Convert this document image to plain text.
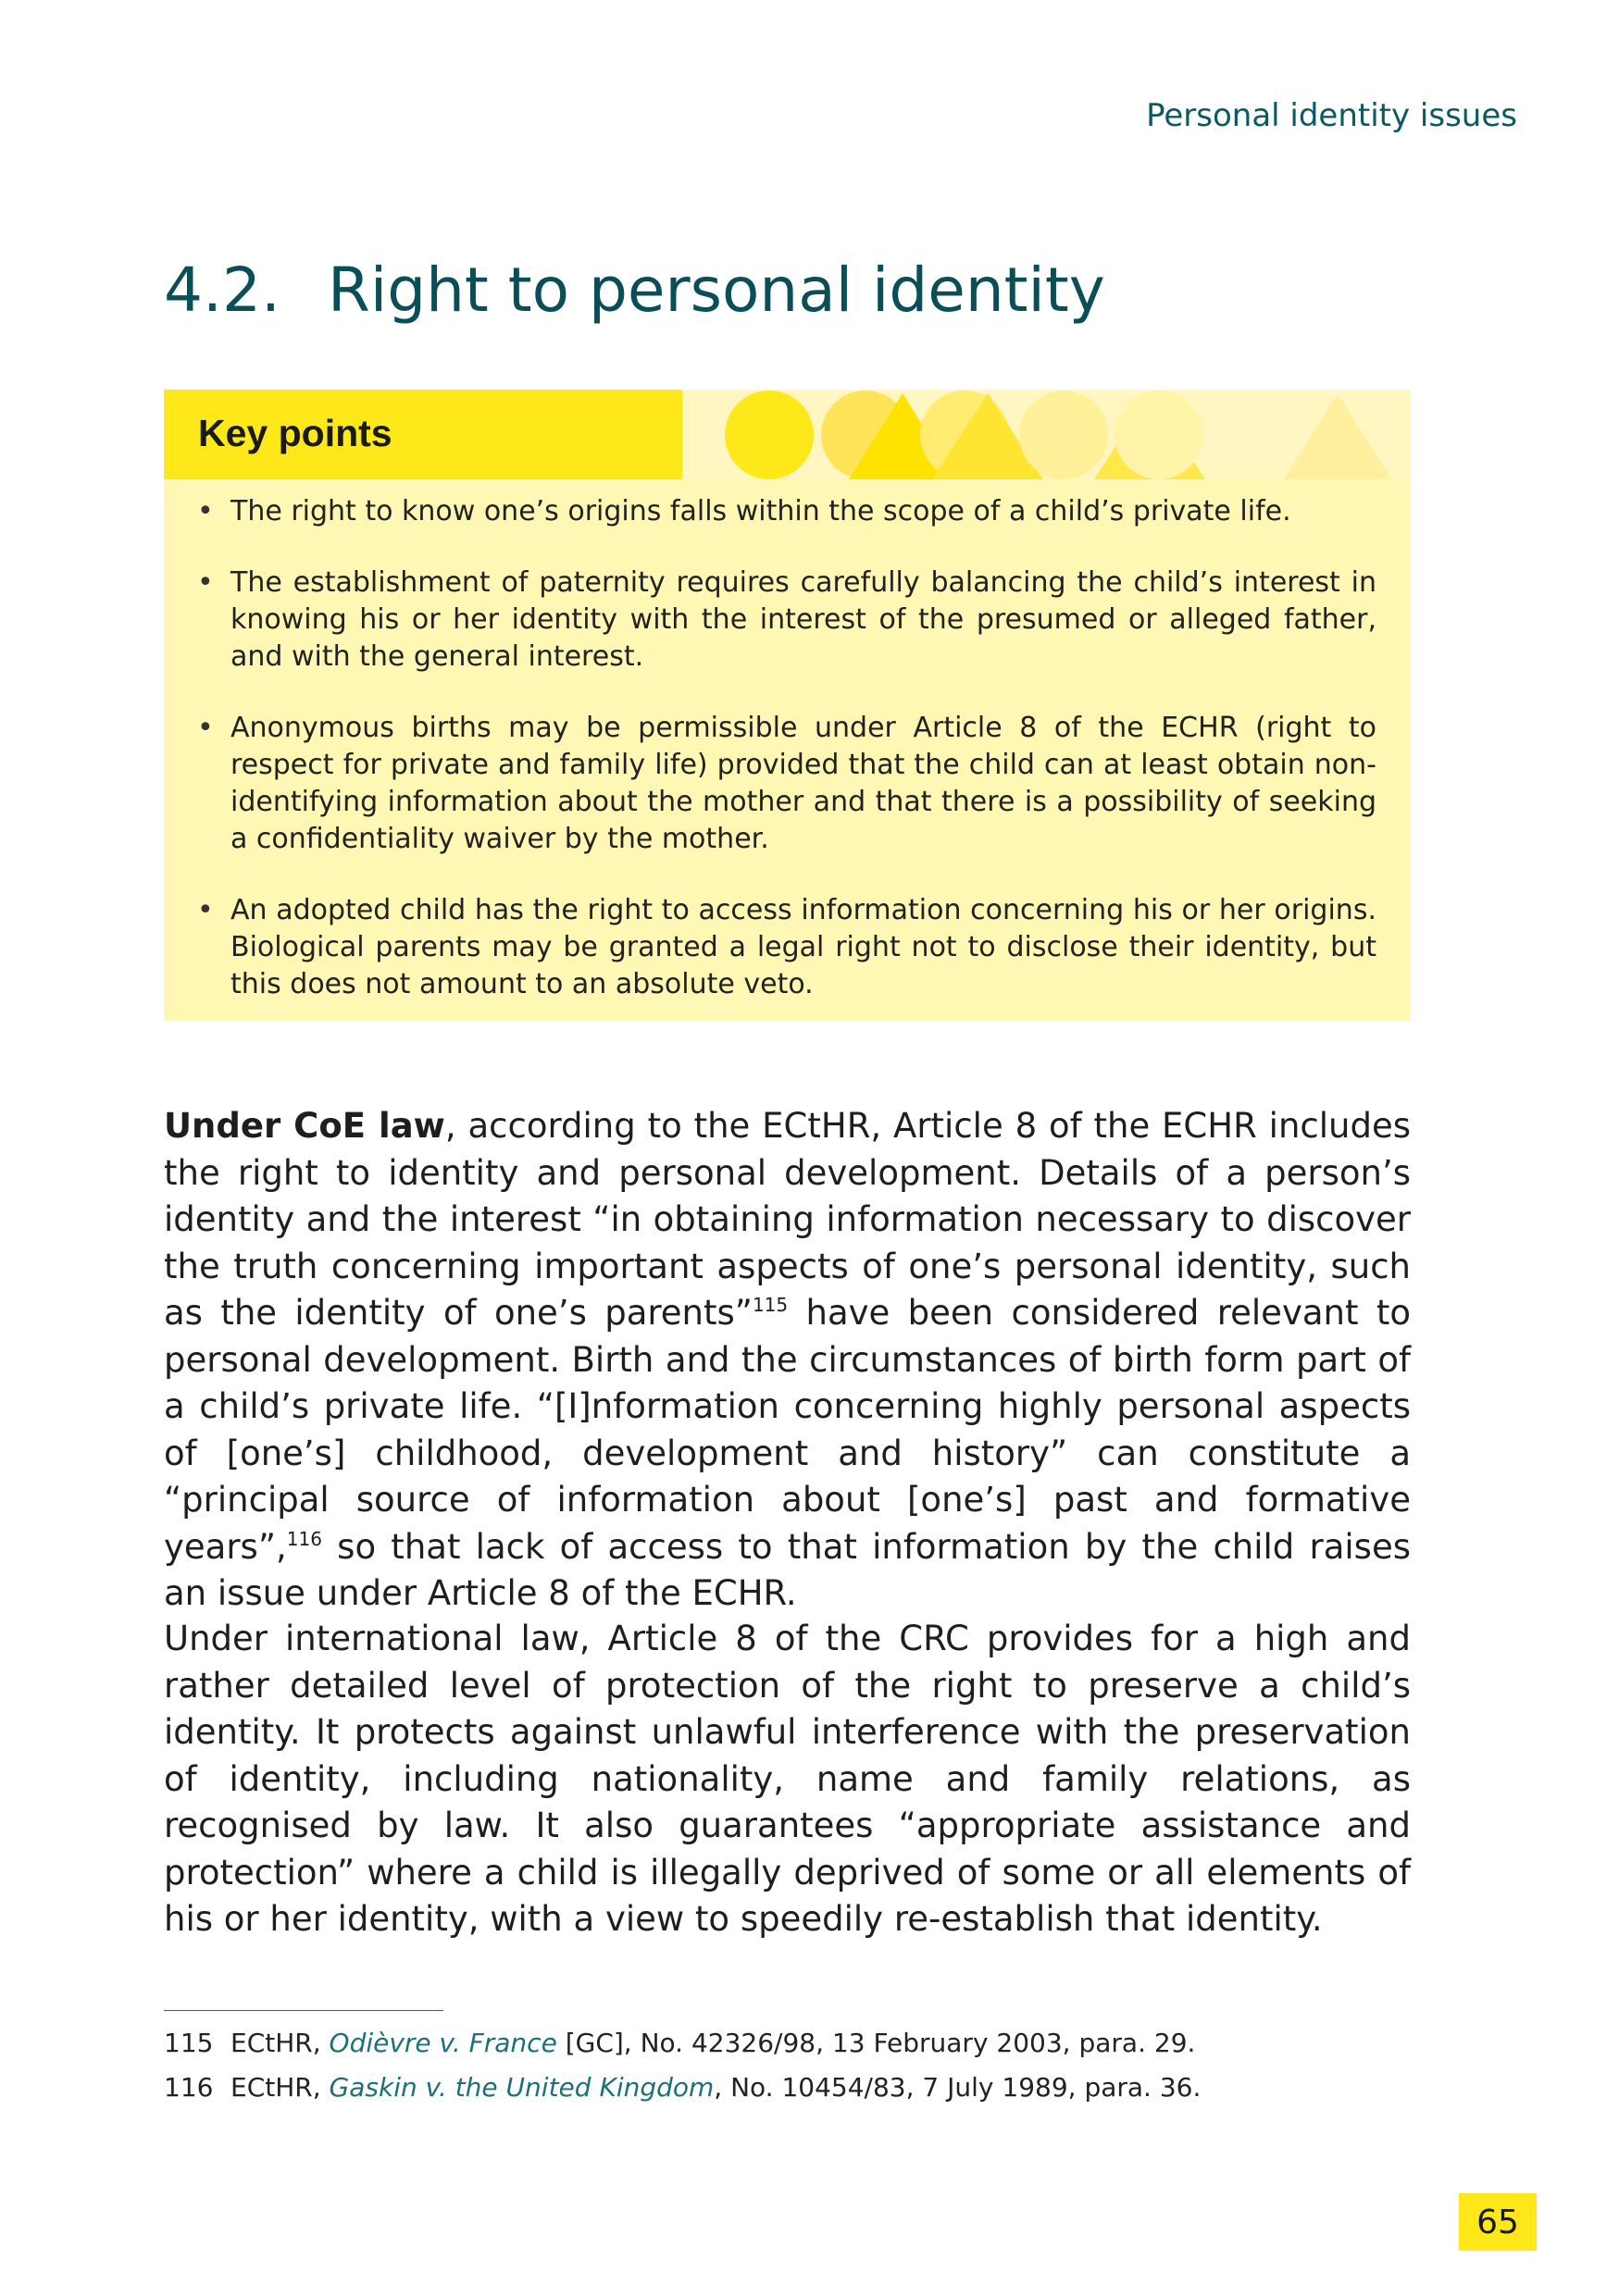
Personal identity issues
4.2. Right to personal identity
Key points
• The right to know one’s origins falls within the scope of a child’s private life.
• The establishment of paternity requires carefully balancing the child’s interest in knowing his or her identity with the interest of the presumed or alleged father, and with the general interest.
• Anonymous births may be permissible under Article 8 of the ECHR (right to respect for private and family life) provided that the child can at least obtain non-identifying information about the mother and that there is a possibility of seeking a confidentiality waiver by the mother.
• An adopted child has the right to access information concerning his or her origins. Biological parents may be granted a legal right not to disclose their identity, but this does not amount to an absolute veto.

Under CoE law, according to the ECtHR, Article 8 of the ECHR includes the right to identity and personal development. Details of a person’s identity and the interest “in obtaining information necessary to discover the truth concerning important aspects of one’s personal identity, such as the identity of one’s parents”$^{115}$ have been considered relevant to personal development. Birth and the circumstances of birth form part of a child’s private life. “[I]nformation concerning highly personal aspects of [one’s] childhood, development and history” can constitute a “principal source of information about [one’s] past and formative years”,$^{116}$ so that lack of access to that information by the child raises an issue under Article 8 of the ECHR.

Under international law, Article 8 of the CRC provides for a high and rather detailed level of protection of the right to preserve a child’s identity. It protects against unlawful interference with the preservation of identity, including nationality, name and family relations, as recognised by law. It also guarantees “appropriate assistance and protection” where a child is illegally deprived of some or all elements of his or her identity, with a view to speedily re-establish that identity.

115 ECtHR, Odièvre v. France [GC], No. 42326/98, 13 February 2003, para. 29.
116 ECtHR, Gaskin v. the United Kingdom, No. 10454/83, 7 July 1989, para. 36.
65
